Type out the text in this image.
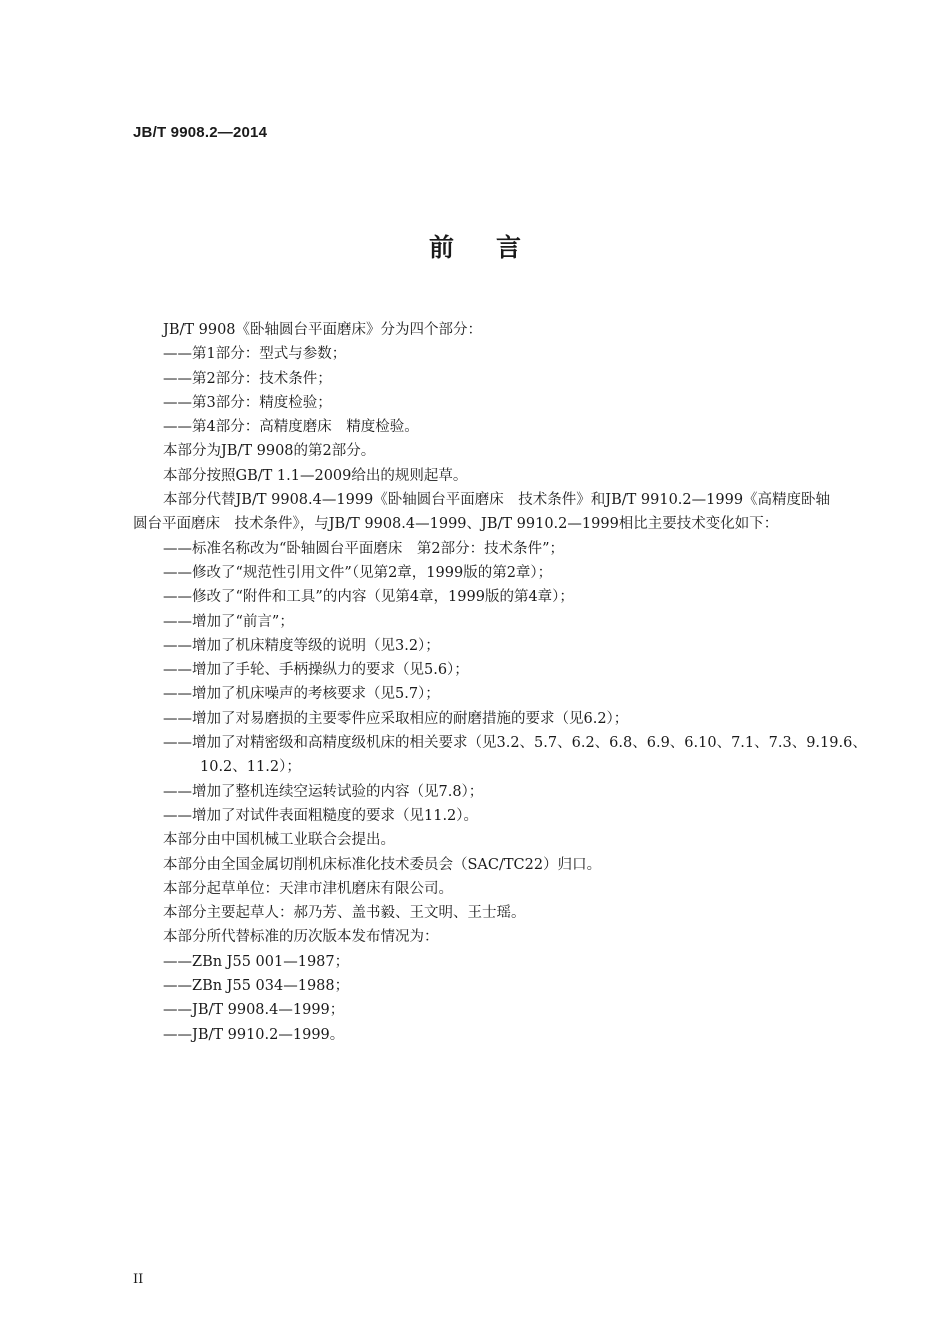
JB/T 9908.2—2014
前言
JB/T 9908《卧轴圆台平面磨床》分为四个部分：
——第1部分：型式与参数；
——第2部分：技术条件；
——第3部分：精度检验；
——第4部分：高精度磨床　精度检验。
本部分为JB/T 9908的第2部分。
本部分按照GB/T 1.1—2009给出的规则起草。
本部分代替JB/T 9908.4—1999《卧轴圆台平面磨床　技术条件》和JB/T 9910.2—1999《高精度卧轴
圆台平面磨床　技术条件》，与JB/T 9908.4—1999、JB/T 9910.2—1999相比主要技术变化如下：
——标准名称改为“卧轴圆台平面磨床　第2部分：技术条件”；
——修改了“规范性引用文件”（见第2章，1999版的第2章）；
——修改了“附件和工具”的内容（见第4章，1999版的第4章）；
——增加了“前言”；
——增加了机床精度等级的说明（见3.2）；
——增加了手轮、手柄操纵力的要求（见5.6）；
——增加了机床噪声的考核要求（见5.7）；
——增加了对易磨损的主要零件应采取相应的耐磨措施的要求（见6.2）；
——增加了对精密级和高精度级机床的相关要求（见3.2、5.7、6.2、6.8、6.9、6.10、7.1、7.3、9.19.6、
10.2、11.2）；
——增加了整机连续空运转试验的内容（见7.8）；
——增加了对试件表面粗糙度的要求（见11.2）。
本部分由中国机械工业联合会提出。
本部分由全国金属切削机床标准化技术委员会（SAC/TC22）归口。
本部分起草单位：天津市津机磨床有限公司。
本部分主要起草人：郝乃芳、盖书毅、王文明、王士瑶。
本部分所代替标准的历次版本发布情况为：
——ZBn J55 001—1987；
——ZBn J55 034—1988；
——JB/T 9908.4—1999；
——JB/T 9910.2—1999。
II
